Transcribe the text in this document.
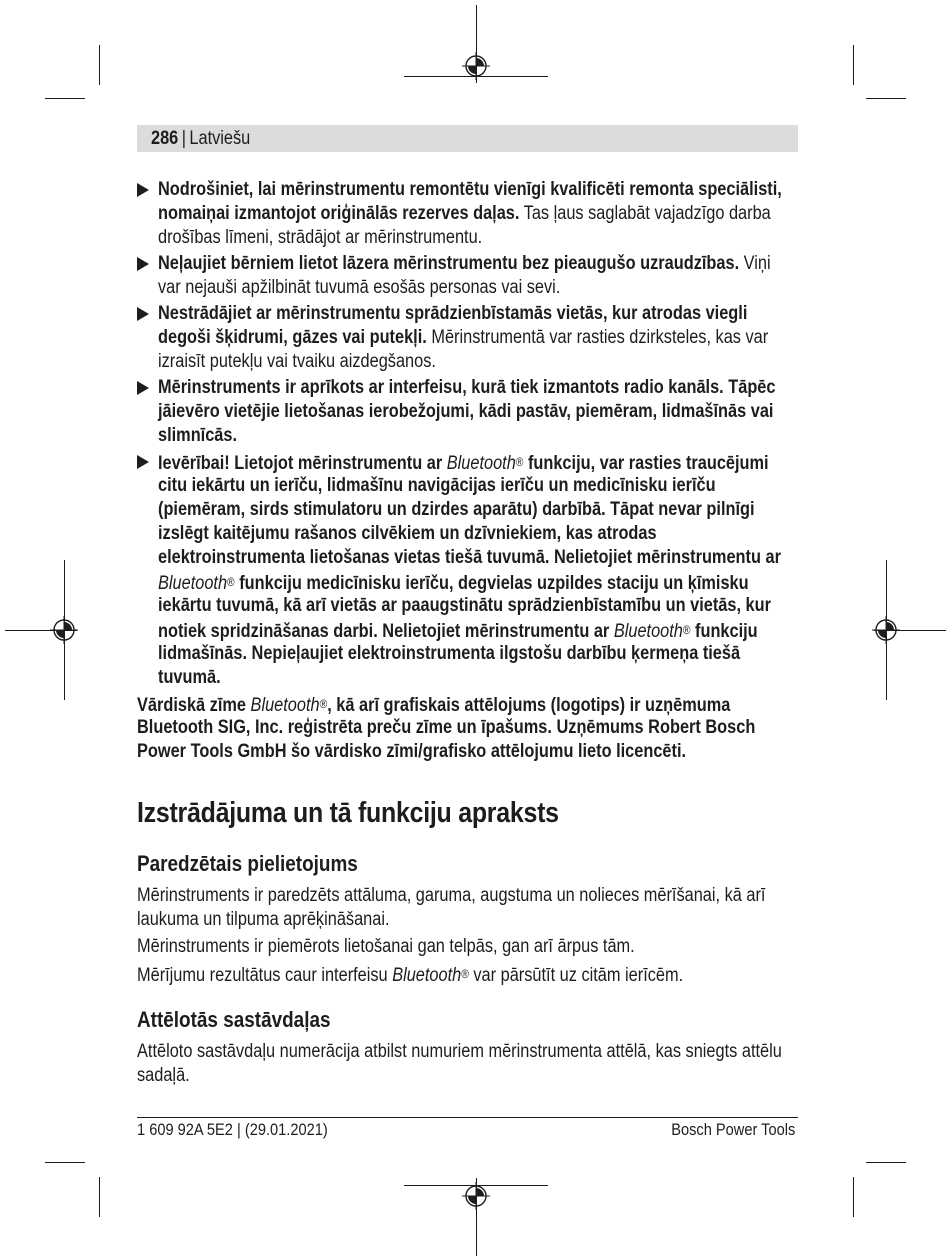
286 | Latviešu
Nodrošiniet, lai mērinstrumentu remontētu vienīgi kvalificēti remonta speciālisti,
nomaiņai izmantojot oriģinālās rezerves daļas. Tas ļaus saglabāt vajadzīgo darba
drošības līmeni, strādājot ar mērinstrumentu.
Neļaujiet bērniem lietot lāzera mērinstrumentu bez pieaugušo uzraudzības. Viņi
var nejauši apžilbināt tuvumā esošās personas vai sevi.
Nestrādājiet ar mērinstrumentu sprādzienbīstamās vietās, kur atrodas viegli
degoši šķidrumi, gāzes vai putekļi. Mērinstrumentā var rasties dzirksteles, kas var
izraisīt putekļu vai tvaiku aizdegšanos.
Mērinstruments ir aprīkots ar interfeisu, kurā tiek izmantots radio kanāls. Tāpēc
jāievēro vietējie lietošanas ierobežojumi, kādi pastāv, piemēram, lidmašīnās vai
slimnīcās.
Ievērībai! Lietojot mērinstrumentu ar Bluetooth® funkciju, var rasties traucējumi
citu iekārtu un ierīču, lidmašīnu navigācijas ierīču un medicīnisku ierīču
(piemēram, sirds stimulatoru un dzirdes aparātu) darbībā. Tāpat nevar pilnīgi
izslēgt kaitējumu rašanos cilvēkiem un dzīvniekiem, kas atrodas
elektroinstrumenta lietošanas vietas tiešā tuvumā. Nelietojiet mērinstrumentu ar
Bluetooth® funkciju medicīnisku ierīču, degvielas uzpildes staciju un ķīmisku
iekārtu tuvumā, kā arī vietās ar paaugstinātu sprādzienbīstamību un vietās, kur
notiek spridzināšanas darbi. Nelietojiet mērinstrumentu ar Bluetooth® funkciju
lidmašīnās. Nepieļaujiet elektroinstrumenta ilgstošu darbību ķermeņa tiešā
tuvumā.
Vārdiskā zīme Bluetooth®, kā arī grafiskais attēlojums (logotips) ir uzņēmuma
Bluetooth SIG, Inc. reģistrēta preču zīme un īpašums. Uzņēmums Robert Bosch
Power Tools GmbH šo vārdisko zīmi/grafisko attēlojumu lieto licencēti.
Izstrādājuma un tā funkciju apraksts
Paredzētais pielietojums
Mērinstruments ir paredzēts attāluma, garuma, augstuma un nolieces mērīšanai, kā arī
laukuma un tilpuma aprēķināšanai.
Mērinstruments ir piemērots lietošanai gan telpās, gan arī ārpus tām.
Mērījumu rezultātus caur interfeisu Bluetooth® var pārsūtīt uz citām ierīcēm.
Attēlotās sastāvdaļas
Attēloto sastāvdaļu numerācija atbilst numuriem mērinstrumenta attēlā, kas sniegts attēlu
sadaļā.
1 609 92A 5E2 | (29.01.2021)	Bosch Power Tools
